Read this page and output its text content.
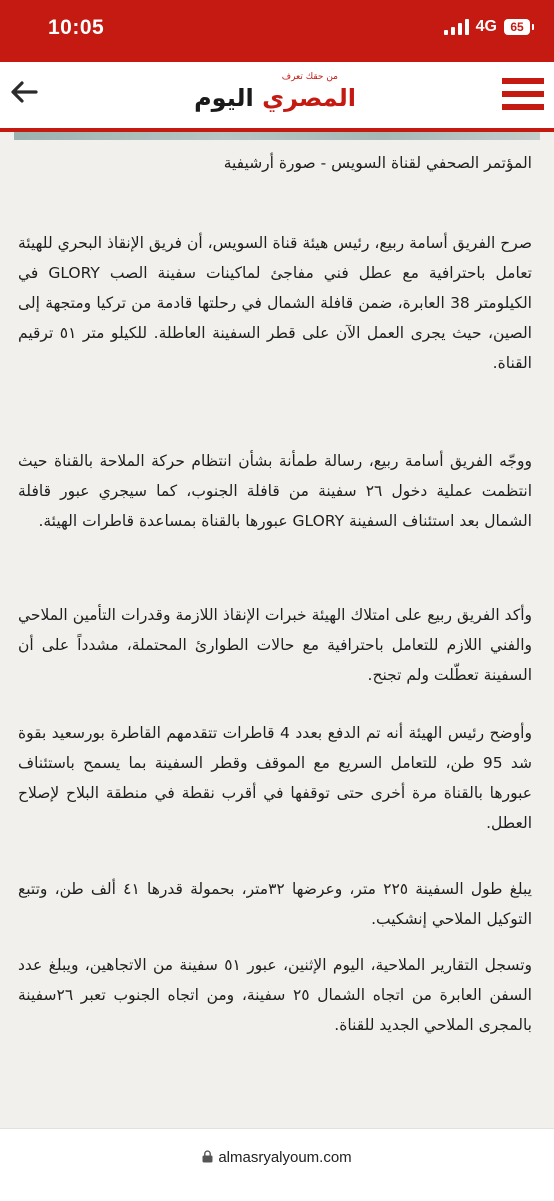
10:05	4G	65
من حقك تعرف
المصري اليوم
المؤتمر الصحفي لقناة السويس - صورة أرشيفية

صرح الفريق أسامة ربيع، رئيس هيئة قناة السويس، أن فريق الإنقاذ البحري للهيئة تعامل باحترافية مع عطل فني مفاجئ لماكينات سفينة الصب GLORY في الكيلومتر 38 العابرة، ضمن قافلة الشمال في رحلتها قادمة من تركيا ومتجهة إلى الصين، حيث يجرى العمل الآن على قطر السفينة العاطلة. للكيلو متر ٥١ ترقيم القناة.

ووجّه الفريق أسامة ربيع، رسالة طمأنة بشأن انتظام حركة الملاحة بالقناة حيث انتظمت عملية دخول ٢٦ سفينة من قافلة الجنوب، كما سيجري عبور قافلة الشمال بعد استئناف السفينة GLORY عبورها بالقناة بمساعدة قاطرات الهيئة.

وأكد الفريق ربيع على امتلاك الهيئة خبرات الإنقاذ اللازمة وقدرات التأمين الملاحي والفني اللازم للتعامل باحترافية مع حالات الطوارئ المحتملة، مشدداً على أن السفينة تعطّلت ولم تجنح.

وأوضح رئيس الهيئة أنه تم الدفع بعدد 4 قاطرات تتقدمهم القاطرة بورسعيد بقوة شد 95 طن، للتعامل السريع مع الموقف وقطر السفينة بما يسمح باستئناف عبورها بالقناة مرة أخرى حتى توقفها في أقرب نقطة في منطقة البلاح لإصلاح العطل.

يبلغ طول السفينة ٢٢٥ متر، وعرضها ٣٢متر، بحمولة قدرها ٤١ ألف طن، وتتبع التوكيل الملاحي إنشكيب.

وتسجل التقارير الملاحية، اليوم الإثنين، عبور ٥١ سفينة من الاتجاهين، ويبلغ عدد السفن العابرة من اتجاه الشمال ٢٥ سفينة، ومن اتجاه الجنوب تعبر ٢٦سفينة بالمجرى الملاحي الجديد للقناة.

almasryalyoum.com
